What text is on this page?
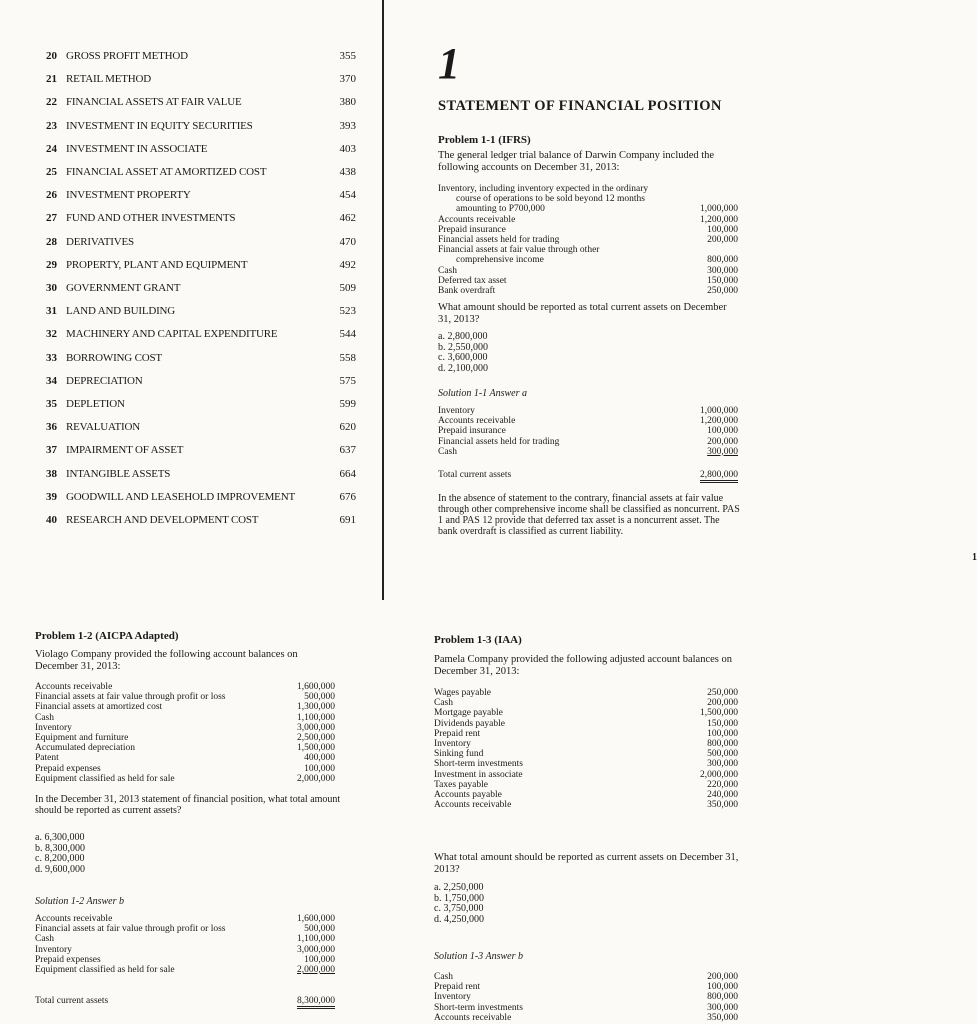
20 GROSS PROFIT METHOD	355
21 RETAIL METHOD	370
22 FINANCIAL ASSETS AT FAIR VALUE	380
23 INVESTMENT IN EQUITY SECURITIES	393
24 INVESTMENT IN ASSOCIATE	403
25 FINANCIAL ASSET AT AMORTIZED COST	438
26 INVESTMENT PROPERTY	454
27 FUND AND OTHER INVESTMENTS	462
28 DERIVATIVES	470
29 PROPERTY, PLANT AND EQUIPMENT	492
30 GOVERNMENT GRANT	509
31 LAND AND BUILDING	523
32 MACHINERY AND CAPITAL EXPENDITURE	544
33 BORROWING COST	558
34 DEPRECIATION	575
35 DEPLETION	599
36 REVALUATION	620
37 IMPAIRMENT OF ASSET	637
38 INTANGIBLE ASSETS	664
39 GOODWILL AND LEASEHOLD IMPROVEMENT	676
40 RESEARCH AND DEVELOPMENT COST	691
1
STATEMENT OF FINANCIAL POSITION
Problem 1-1 (IFRS)
The general ledger trial balance of Darwin Company included the following accounts on December 31, 2013:
Inventory, including inventory expected in the ordinary
course of operations to be sold beyond 12 months
amounting to P700,000	1,000,000
Accounts receivable	1,200,000
Prepaid insurance	100,000
Financial assets held for trading	200,000
Financial assets at fair value through other
comprehensive income	800,000
Cash	300,000
Deferred tax asset	150,000
Bank overdraft	250,000
What amount should be reported as total current assets on December 31, 2013?
a. 2,800,000
b. 2,550,000
c. 3,600,000
d. 2,100,000
Solution 1-1 Answer a
Inventory	1,000,000
Accounts receivable	1,200,000
Prepaid insurance	100,000
Financial assets held for trading	200,000
Cash	300,000
Total current assets	2,800,000
In the absence of statement to the contrary, financial assets at fair value through other comprehensive income shall be classified as noncurrent. PAS 1 and PAS 12 provide that deferred tax asset is a noncurrent asset. The bank overdraft is classified as current liability.
1
Problem 1-2 (AICPA Adapted)
Violago Company provided the following account balances on December 31, 2013:
Accounts receivable	1,600,000
Financial assets at fair value through profit or loss	500,000
Financial assets at amortized cost	1,300,000
Cash	1,100,000
Inventory	3,000,000
Equipment and furniture	2,500,000
Accumulated depreciation	1,500,000
Patent	400,000
Prepaid expenses	100,000
Equipment classified as held for sale	2,000,000
In the December 31, 2013 statement of financial position, what total amount should be reported as current assets?
a. 6,300,000
b. 8,300,000
c. 8,200,000
d. 9,600,000
Solution 1-2 Answer b
Accounts receivable	1,600,000
Financial assets at fair value through profit or loss	500,000
Cash	1,100,000
Inventory	3,000,000
Prepaid expenses	100,000
Equipment classified as held for sale	2,000,000
Total current assets	8,300,000
Problem 1-3 (IAA)
Pamela Company provided the following adjusted account balances on December 31, 2013:
Wages payable	250,000
Cash	200,000
Mortgage payable	1,500,000
Dividends payable	150,000
Prepaid rent	100,000
Inventory	800,000
Sinking fund	500,000
Short-term investments	300,000
Investment in associate	2,000,000
Taxes payable	220,000
Accounts payable	240,000
Accounts receivable	350,000
What total amount should be reported as current assets on December 31, 2013?
a. 2,250,000
b. 1,750,000
c. 3,750,000
d. 4,250,000
Solution 1-3 Answer b
Cash	200,000
Prepaid rent	100,000
Inventory	800,000
Short-term investments	300,000
Accounts receivable	350,000
